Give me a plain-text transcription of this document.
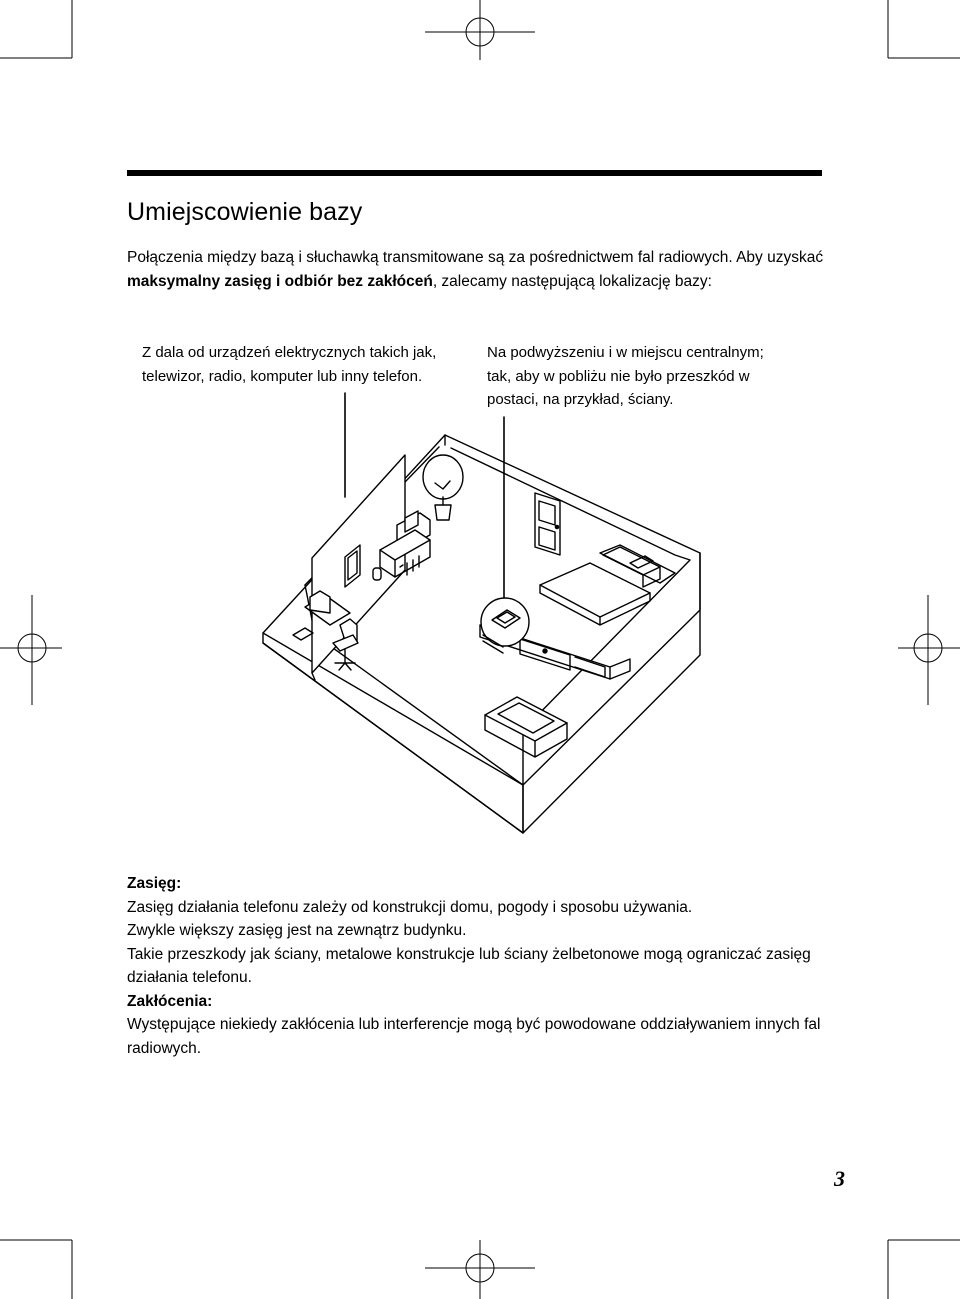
Umiejscowienie bazy

Połączenia między bazą i słuchawką transmitowane są za pośrednictwem fal radiowych. Aby uzyskać maksymalny zasięg i odbiór bez zakłóceń, zalecamy następującą lokalizację bazy:

Z dala od urządzeń elektrycznych takich jak, telewizor, radio, komputer lub inny telefon.

Na podwyższeniu i w miejscu centralnym; tak, aby w pobliżu nie było przeszkód w postaci, na przykład, ściany.

Zasięg:

Zasięg działania telefonu zależy od konstrukcji domu, pogody i sposobu używania.

Zwykle większy zasięg jest na zewnątrz budynku.

Takie przeszkody jak ściany, metalowe konstrukcje lub ściany żelbetonowe mogą ograniczać zasięg działania telefonu.

Zakłócenia:

Występujące niekiedy zakłócenia lub interferencje mogą być powodowane oddziaływaniem innych fal radiowych.

3
